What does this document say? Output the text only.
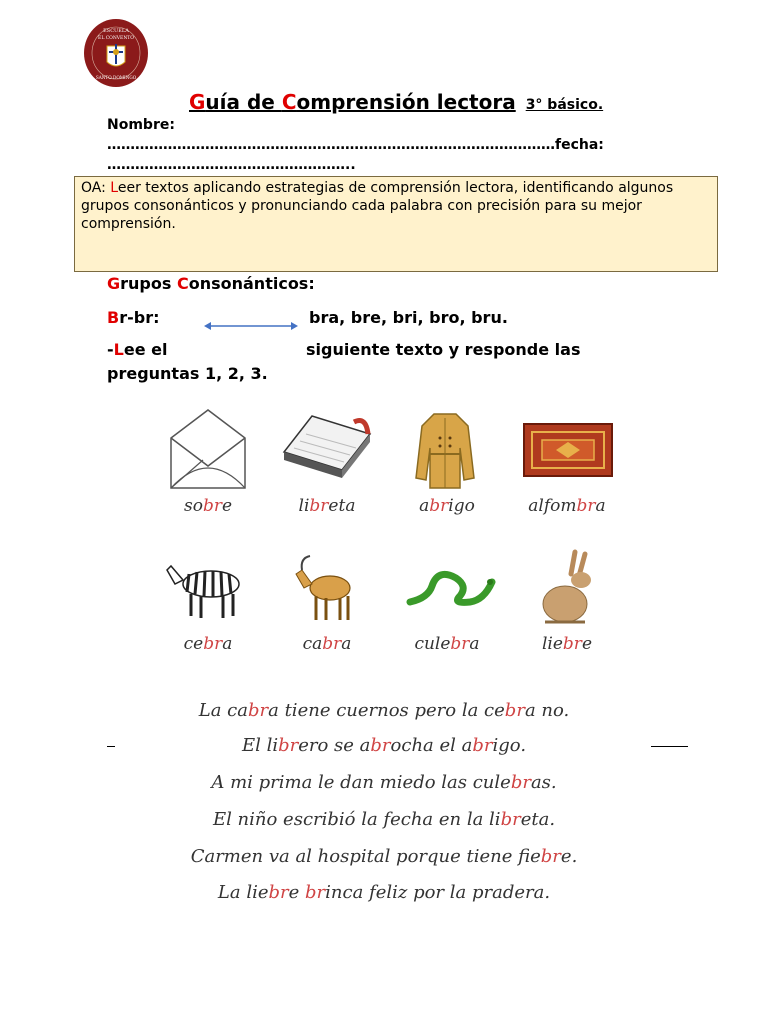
ESCUELA
EL CONVENTO
SANTO DOMINGO
Guía de Comprensión lectora 3° básico.
Nombre:
……………………………………………………………………………………fecha:
……………………………………………..
OA: Leer textos aplicando estrategias de comprensión lectora, identificando algunos grupos consonánticos y pronunciando cada palabra con precisión para su mejor comprensión.
Grupos Consonánticos:
Br-br:	bra, bre, bri, bro, bru.
-Lee el	siguiente texto y responde las
preguntas 1, 2, 3.
sobre	libreta	abrigo	alfombra
cebra	cabra	culebra	liebre
La cabra tiene cuernos pero la cebra no.
El librero se abrocha el abrigo.
A mi prima le dan miedo las culebras.
El niño escribió la fecha en la libreta.
Carmen va al hospital porque tiene fiebre.
La liebre brinca feliz por la pradera.
